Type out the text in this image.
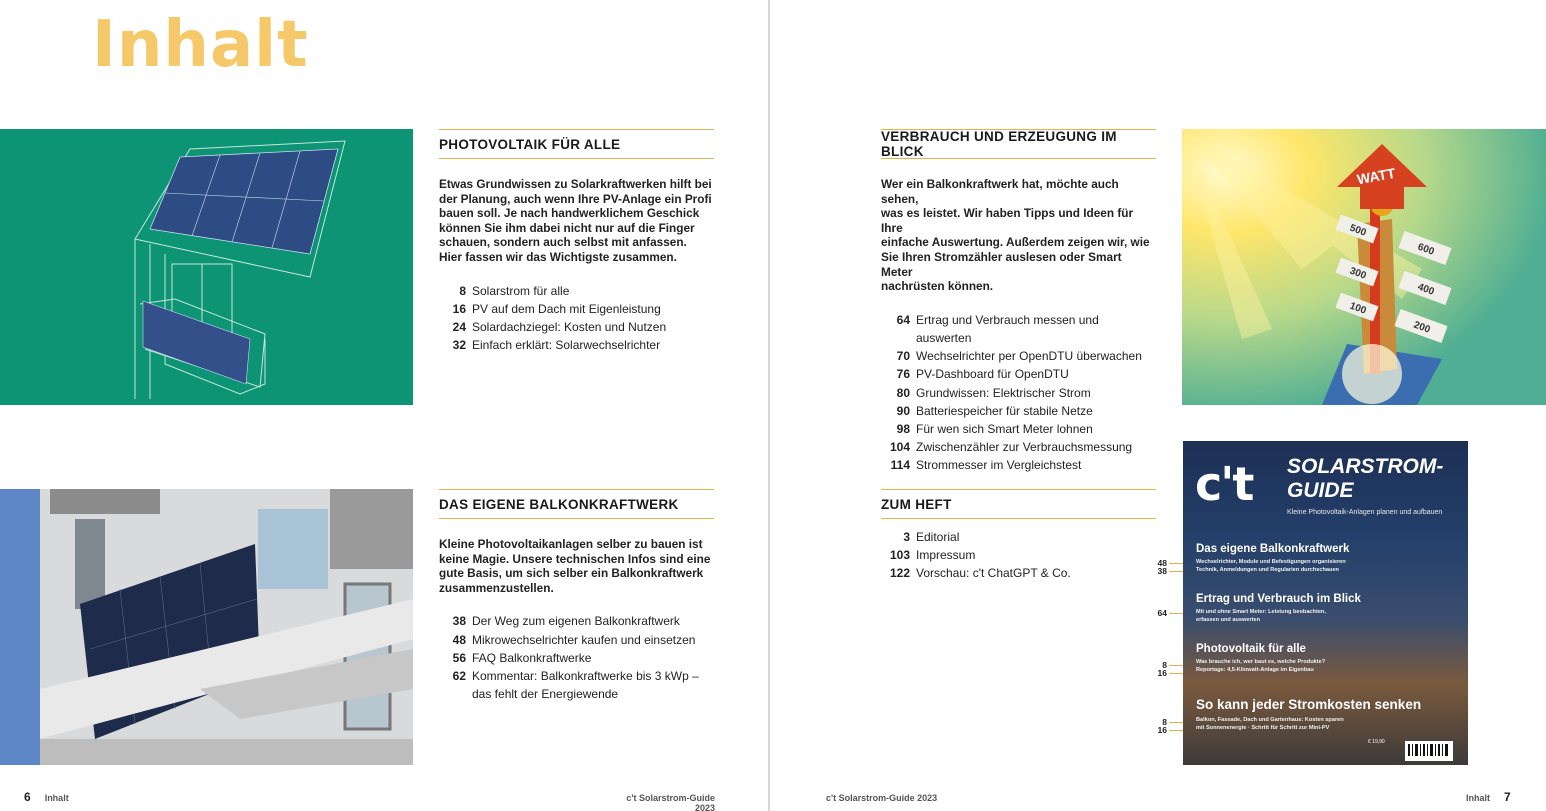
Inhalt
WATT
500
600
300
400
100
200
PHOTOVOLTAIK FÜR ALLE
Etwas Grundwissen zu Solarkraftwerken hilft bei
der Planung, auch wenn Ihre PV-Anlage ein Profi
bauen soll. Je nach handwerklichem Geschick
können Sie ihm dabei nicht nur auf die Finger
schauen, sondern auch selbst mit anfassen.
Hier fassen wir das Wichtigste zusammen.
8 Solarstrom für alle
16 PV auf dem Dach mit Eigenleistung
24 Solardachziegel: Kosten und Nutzen
32 Einfach erklärt: Solarwechselrichter
DAS EIGENE BALKONKRAFTWERK
Kleine Photovoltaikanlagen selber zu bauen ist
keine Magie. Unsere technischen Infos sind eine
gute Basis, um sich selber ein Balkonkraftwerk
zusammenzustellen.
38 Der Weg zum eigenen Balkonkraftwerk
48 Mikrowechselrichter kaufen und einsetzen
56 FAQ Balkonkraftwerke
62 Kommentar: Balkonkraftwerke bis 3 kWp –
das fehlt der Energiewende
VERBRAUCH UND ERZEUGUNG IM BLICK
Wer ein Balkonkraftwerk hat, möchte auch sehen,
was es leistet. Wir haben Tipps und Ideen für Ihre
einfache Auswertung. Außerdem zeigen wir, wie
Sie Ihren Stromzähler auslesen oder Smart Meter
nachrüsten können.
64 Ertrag und Verbrauch messen und auswerten
70 Wechselrichter per OpenDTU überwachen
76 PV-Dashboard für OpenDTU
80 Grundwissen: Elektrischer Strom
90 Batteriespeicher für stabile Netze
98 Für wen sich Smart Meter lohnen
104 Zwischenzähler zur Verbrauchsmessung
114 Strommesser im Vergleichstest
ZUM HEFT
3 Editorial
103 Impressum
122 Vorschau: c't ChatGPT & Co.
48
38
64
8
16
8
16
c't SOLARSTROM-
GUIDE
Kleine Photovoltaik-Anlagen planen und aufbauen
Das eigene Balkonkraftwerk
Wechselrichter, Module und Befestigungen organisieren
Technik, Anmeldungen und Regularien durchschauen
Ertrag und Verbrauch im Blick
Mit und ohne Smart Meter: Leistung beobachten,
erfassen und auswerten
Photovoltaik für alle
Was brauche ich, wer baut es, welche Produkte?
Reportage: 4,5-Kilowatt-Anlage im Eigenbau
So kann jeder Stromkosten senken
Balkon, Fassade, Dach und Gartenhaus: Kosten sparen
mit Sonnenenergie · Schritt für Schritt zur Mini-PV
€ 19,90
6 Inhalt	c't Solarstrom-Guide 2023
c't Solarstrom-Guide 2023	Inhalt 7
